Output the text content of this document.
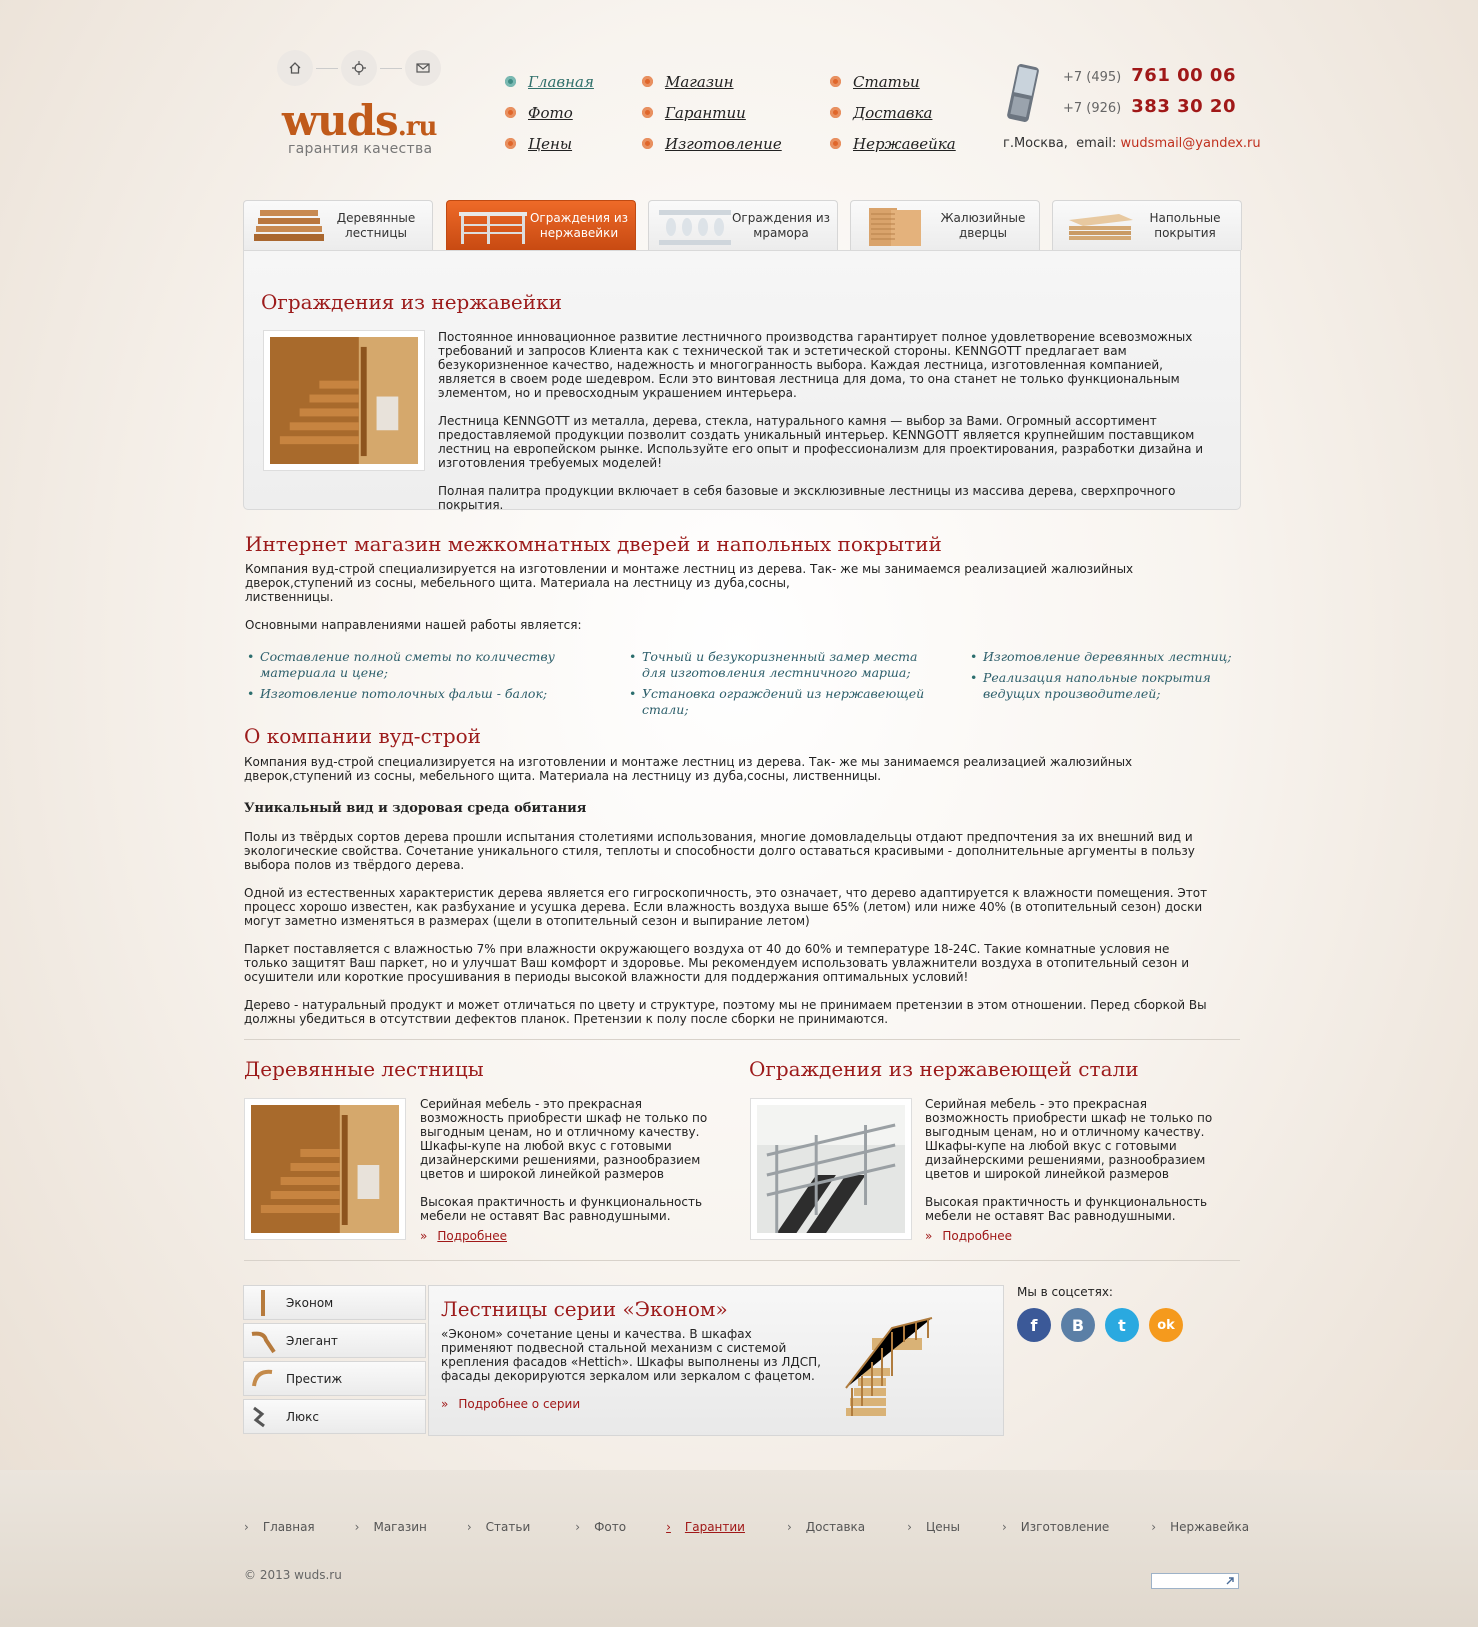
wuds.ru
гарантия качества
Главная
Фото
Цены
Магазин
Гарантии
Изготовление
Статьи
Доставка
Нержавейка
+7 (495) 761 00 06
+7 (926) 383 30 20
г.Москва, email: wudsmail@yandex.ru
Деревянные лестницы
Ограждения из нержавейки
Ограждения из мрамора
Жалюзийные дверцы
Напольные покрытия
Ограждения из нержавейки

Постоянное инновационное развитие лестничного производства гарантирует полное удовлетворение всевозможных требований и запросов Клиента как с технической так и эстетической стороны. KENNGOTT предлагает вам безукоризненное качество, надежность и многогранность выбора. Каждая лестница, изготовленная компанией, является в своем роде шедевром. Если это винтовая лестница для дома, то она станет не только функциональным элементом, но и превосходным украшением интерьера.

Лестница KENNGOTT из металла, дерева, стекла, натурального камня — выбор за Вами. Огромный ассортимент предоставляемой продукции позволит создать уникальный интерьер. KENNGOTT является крупнейшим поставщиком лестниц на европейском рынке. Используйте его опыт и профессионализм для проектирования, разработки дизайна и изготовления требуемых моделей!

Полная палитра продукции включает в себя базовые и эксклюзивные лестницы из массива дерева, сверхпрочного покрытия.

Интернет магазин межкомнатных дверей и напольных покрытий

Компания вуд-строй специализируется на изготовлении и монтаже лестниц из дерева. Так- же мы занимаемся реализацией жалюзийных дверок,ступений из сосны, мебельного щита. Материала на лестницу из дуба,сосны,

лиственницы.

Основными направлениями нашей работы является:

• Составление полной сметы по количеству материала и цене;
• Изготовление потолочных фальш - балок;
• Точный и безукоризненный замер места для изготовления лестничного марша;
• Установка ограждений из нержавеющей стали;
• Изготовление деревянных лестниц;
• Реализация напольные покрытия ведущих производителей;
О компании вуд-строй

Компания вуд-строй специализируется на изготовлении и монтаже лестниц из дерева. Так- же мы занимаемся реализацией жалюзийных дверок,ступений из сосны, мебельного щита. Материала на лестницу из дуба,сосны, лиственницы.

Уникальный вид и здоровая среда обитания

Полы из твёрдых сортов дерева прошли испытания столетиями использования, многие домовладельцы отдают предпочтения за их внешний вид и экологические свойства. Сочетание уникального стиля, теплоты и способности долго оставаться красивыми - дополнительные аргументы в пользу выбора полов из твёрдого дерева.

Одной из естественных характеристик дерева является его гигроскопичность, это означает, что дерево адаптируется к влажности помещения. Этот процесс хорошо известен, как разбухание и усушка дерева. Если влажность воздуха выше 65% (летом) или ниже 40% (в отопительный сезон) доски могут заметно изменяться в размерах (щели в отопительный сезон и выпирание летом)

Паркет поставляется с влажностью 7% при влажности окружающего воздуха от 40 до 60% и температуре 18-24С. Такие комнатные условия не только защитят Ваш паркет, но и улучшат Ваш комфорт и здоровье. Мы рекомендуем использовать увлажнители воздуха в отопительный сезон и осушители или короткие просушивания в периоды высокой влажности для поддержания оптимальных условий!

Дерево - натуральный продукт и может отличаться по цвету и структуре, поэтому мы не принимаем претензии в этом отношении. Перед сборкой Вы должны убедиться в отсутствии дефектов планок. Претензии к полу после сборки не принимаются.

Деревянные лестницы

Серийная мебель - это прекрасная возможность приобрести шкаф не только по выгодным ценам, но и отличному качеству. Шкафы-купе на любой вкус с готовыми дизайнерскими решениями, разнообразием цветов и широкой линейкой размеров

Высокая практичность и функциональность мебели не оставят Вас равнодушными.

» Подробнее
Ограждения из нержавеющей стали

Серийная мебель - это прекрасная возможность приобрести шкаф не только по выгодным ценам, но и отличному качеству. Шкафы-купе на любой вкус с готовыми дизайнерскими решениями, разнообразием цветов и широкой линейкой размеров

Высокая практичность и функциональность мебели не оставят Вас равнодушными.

» Подробнее
Эконом
Элегант
Престиж
Люкс
Лестницы серии «Эконом»

«Эконом» сочетание цены и качества. В шкафах применяют подвесной стальной механизм с системой крепления фасадов «Hettich». Шкафы выполнены из ЛДСП, фасады декорируются зеркалом или зеркалом с фацетом.

» Подробнее о серии
Мы в соцсетях:
f	B	t	ok
› Главная	› Магазин	› Статьи	› Фото	› Гарантии	› Доставка	› Цены	› Изготовление	› Нержавейка
© 2013 wuds.ru
